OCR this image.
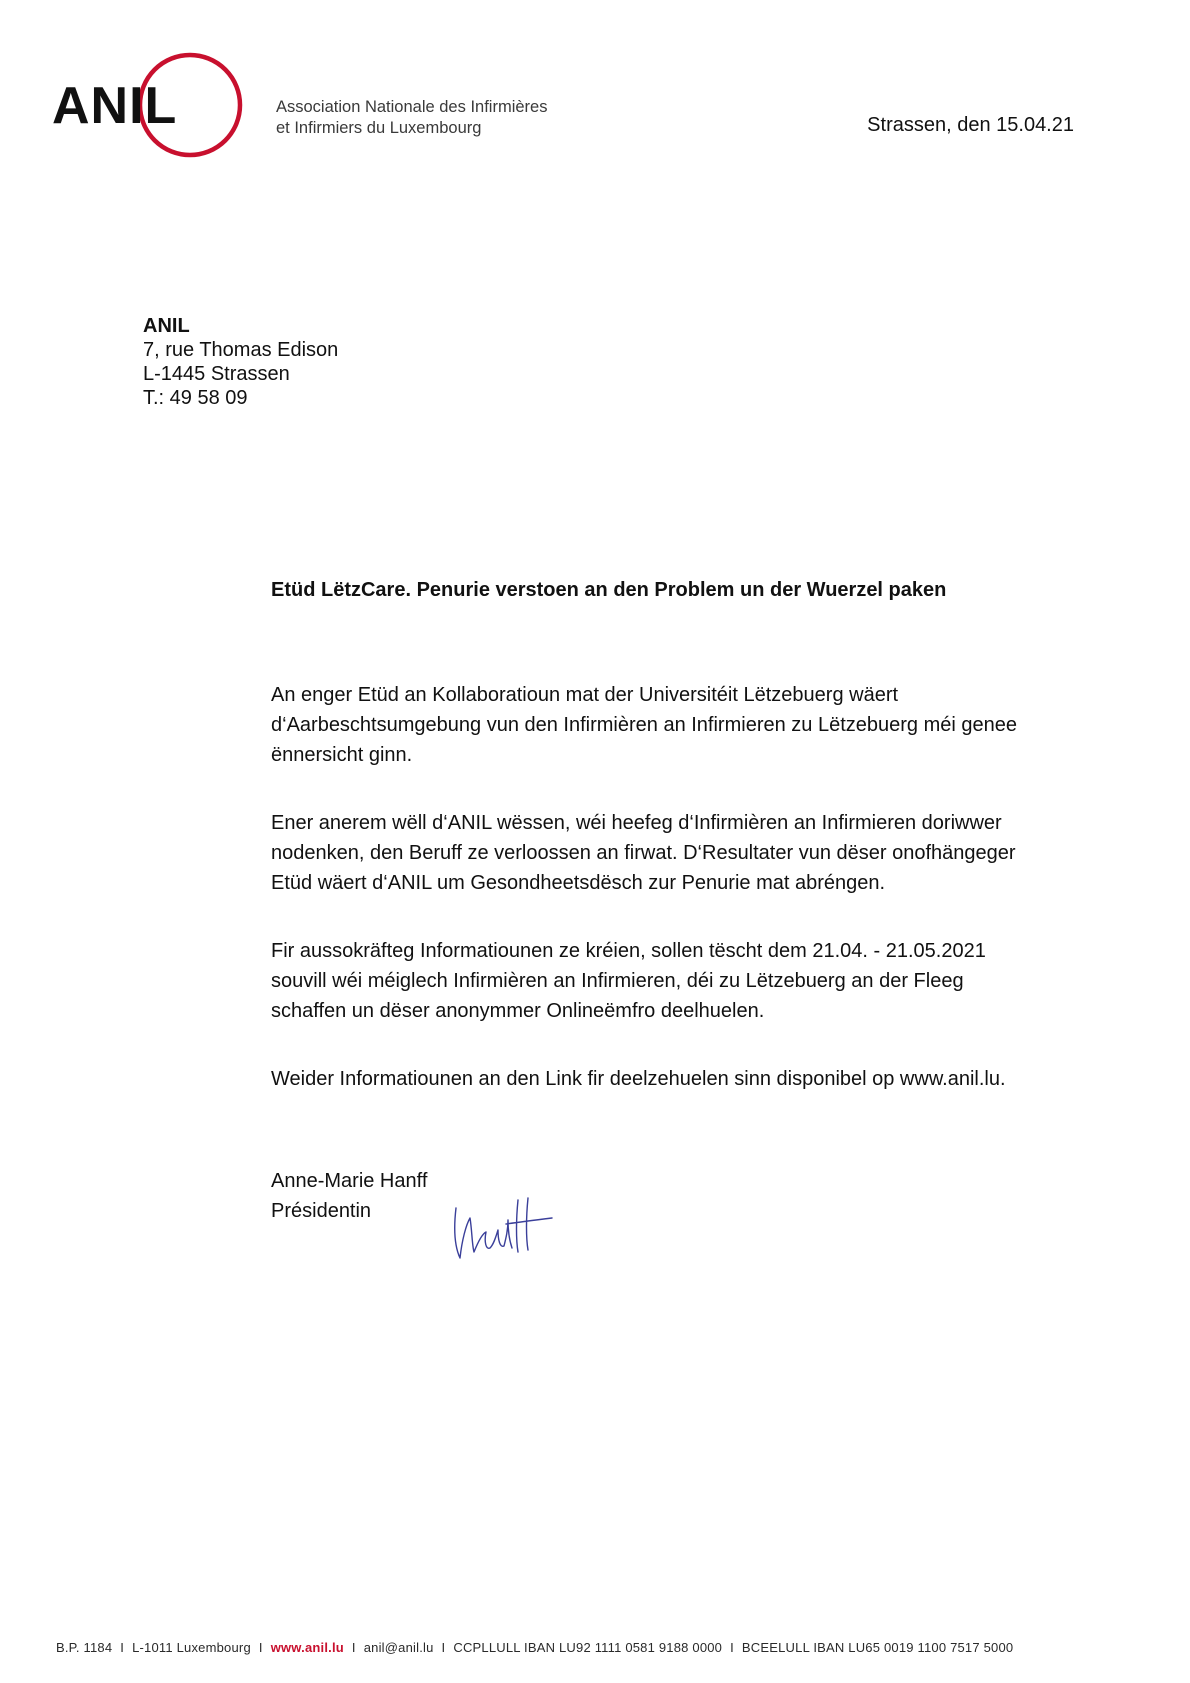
ANIL	Association Nationale des Infirmières
et Infirmiers du Luxembourg	Strassen, den 15.04.21
ANIL
7, rue Thomas Edison
L-1445 Strassen
T.: 49 58 09
Etüd LëtzCare. Penurie verstoen an den Problem un der Wuerzel paken
An enger Etüd an Kollaboratioun mat der Universitéit Lëtzebuerg wäert
d‘Aarbeschtsumgebung vun den Infirmièren an Infirmieren zu Lëtzebuerg méi genee
ënnersicht ginn.
Ener anerem wëll d‘ANIL wëssen, wéi heefeg d‘Infirmièren an Infirmieren doriwwer
nodenken, den Beruff ze verloossen an firwat. D‘Resultater vun dëser onofhängeger
Etüd wäert d‘ANIL um Gesondheetsdësch zur Penurie mat abréngen.
Fir aussokräfteg Informatiounen ze kréien, sollen tëscht dem 21.04. - 21.05.2021
souvill wéi méiglech Infirmièren an Infirmieren, déi zu Lëtzebuerg an der Fleeg
schaffen un dëser anonymmer Onlineëmfro deelhuelen.
Weider Informatiounen an den Link fir deelzehuelen sinn disponibel op www.anil.lu.
Anne-Marie Hanff
Présidentin
B.P. 1184 I L-1011 Luxembourg I www.anil.lu I anil@anil.lu I CCPLLULL IBAN LU92 1111 0581 9188 0000 I BCEELULL IBAN LU65 0019 1100 7517 5000
